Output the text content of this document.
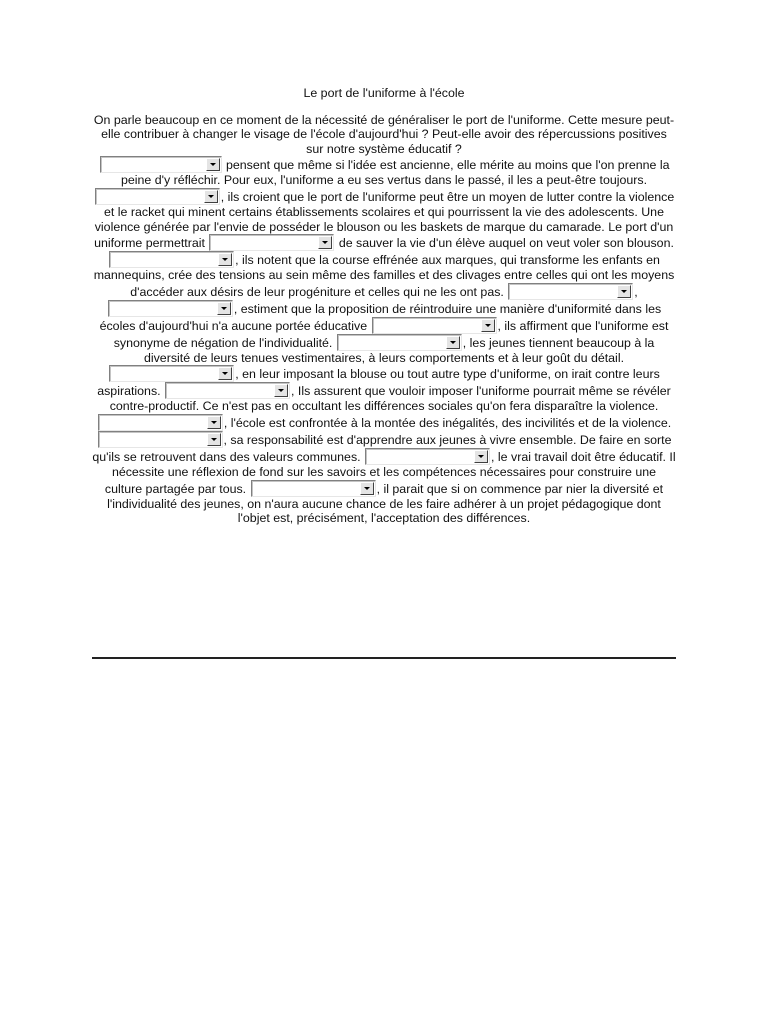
Le port de l'uniforme à l'école

On parle beaucoup en ce moment de la nécessité de généraliser le port de l'uniforme. Cette mesure peut-elle contribuer à changer le visage de l'école d'aujourd'hui ? Peut-elle avoir des répercussions positives sur notre système éducatif ?

pensent que même si l'idée est ancienne, elle mérite au moins que l'on prenne la peine d'y réfléchir. Pour eux, l'uniforme a eu ses vertus dans le passé, il les a peut-être toujours.
, ils croient que le port de l'uniforme peut être un moyen de lutter contre la violence et le racket qui minent certains établissements scolaires et qui pourrissent la vie des adolescents. Une violence générée par l'envie de posséder le blouson ou les baskets de marque du camarade. Le port d'un uniforme permettrait	de sauver la vie d'un élève auquel on veut voler son blouson.
, ils notent que la course effrénée aux marques, qui transforme les enfants en mannequins, crée des tensions au sein même des familles et des clivages entre celles qui ont les moyens d'accéder aux désirs de leur progéniture et celles qui ne les ont pas.	,
, estiment que la proposition de réintroduire une manière d'uniformité dans les écoles d'aujourd'hui n'a aucune portée éducative	, ils affirment que l'uniforme est synonyme de négation de l'individualité.	, les jeunes tiennent beaucoup à la diversité de leurs tenues vestimentaires, à leurs comportements et à leur goût du détail.
, en leur imposant la blouse ou tout autre type d'uniforme, on irait contre leurs aspirations.	, Ils assurent que vouloir imposer l'uniforme pourrait même se révéler contre-productif. Ce n'est pas en occultant les différences sociales qu'on fera disparaître la violence.
, l'école est confrontée à la montée des inégalités, des incivilités et de la violence.
, sa responsabilité est d'apprendre aux jeunes à vivre ensemble. De faire en sorte qu'ils se retrouvent dans des valeurs communes.	, le vrai travail doit être éducatif. Il nécessite une réflexion de fond sur les savoirs et les compétences nécessaires pour construire une culture partagée par tous.	, il parait que si on commence par nier la diversité et l'individualité des jeunes, on n'aura aucune chance de les faire adhérer à un projet pédagogique dont l'objet est, précisément, l'acceptation des différences.
